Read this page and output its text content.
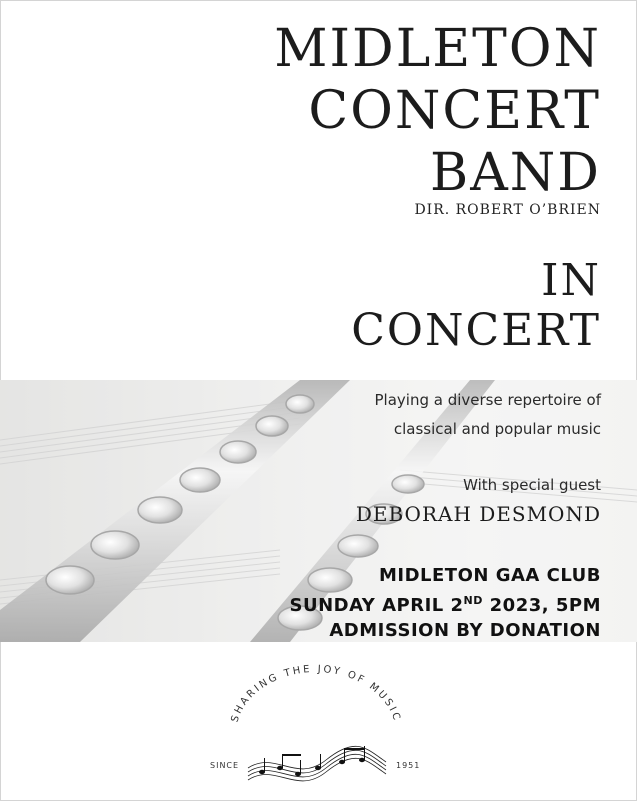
MIDLETON
CONCERT
BAND
DIR. ROBERT O’BRIEN
IN
CONCERT
Playing a diverse repertoire of
classical and popular music
With special guest
DEBORAH DESMOND
MIDLETON GAA CLUB
SUNDAY APRIL 2ND 2023, 5PM
ADMISSION BY DONATION
SHARING THE JOY OF MUSIC
SINCE	1951
